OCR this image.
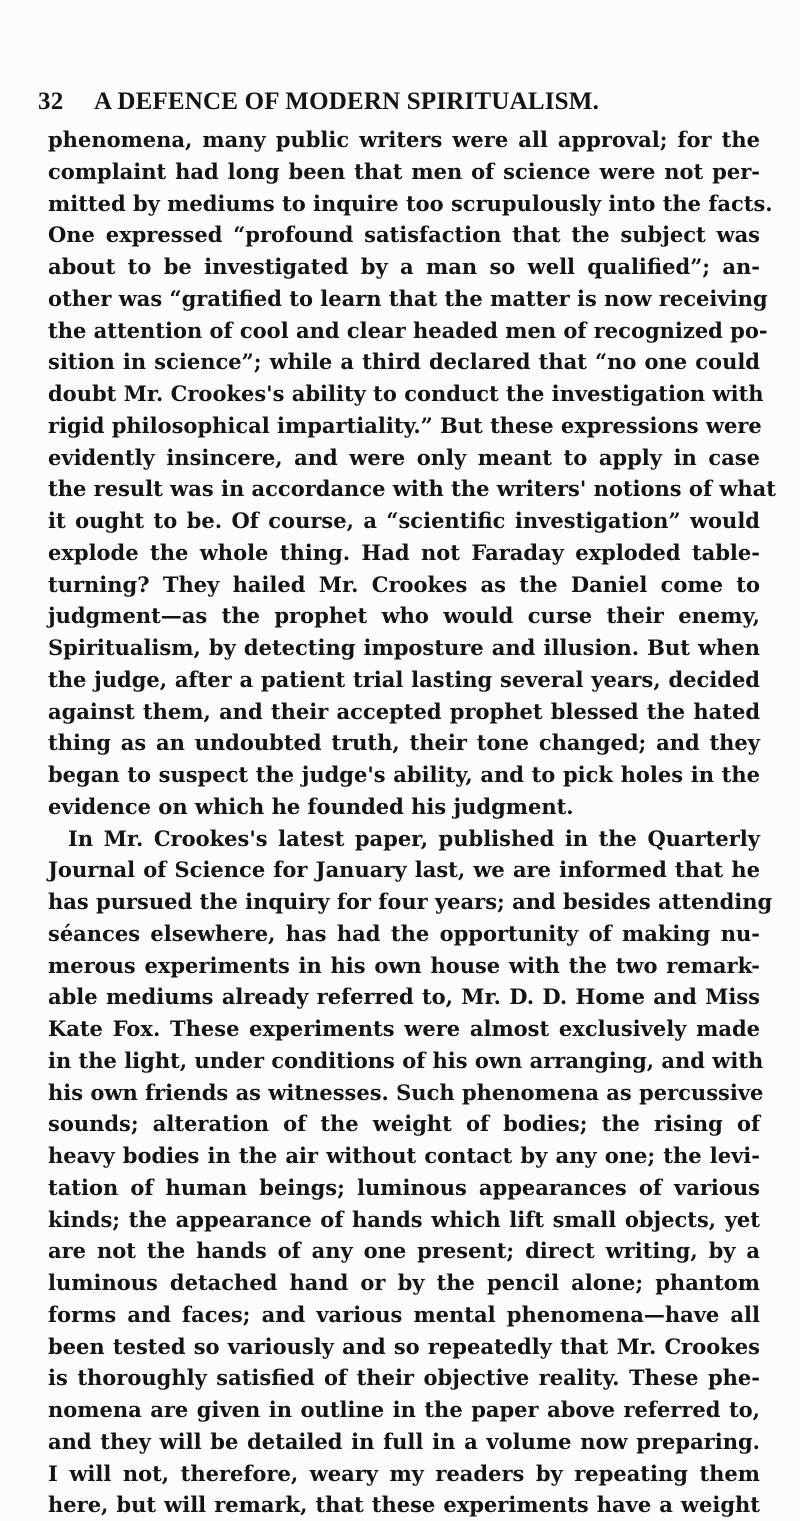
32 A DEFENCE OF MODERN SPIRITUALISM.
phenomena, many public writers were all approval; for the
complaint had long been that men of science were not per-
mitted by mediums to inquire too scrupulously into the facts.
One expressed “profound satisfaction that the subject was
about to be investigated by a man so well qualified”; an-
other was “gratified to learn that the matter is now receiving
the attention of cool and clear headed men of recognized po-
sition in science”; while a third declared that “no one could
doubt Mr. Crookes's ability to conduct the investigation with
rigid philosophical impartiality.” But these expressions were
evidently insincere, and were only meant to apply in case
the result was in accordance with the writers' notions of what
it ought to be. Of course, a “scientific investigation” would
explode the whole thing. Had not Faraday exploded table-
turning? They hailed Mr. Crookes as the Daniel come to
judgment—as the prophet who would curse their enemy,
Spiritualism, by detecting imposture and illusion. But when
the judge, after a patient trial lasting several years, decided
against them, and their accepted prophet blessed the hated
thing as an undoubted truth, their tone changed; and they
began to suspect the judge's ability, and to pick holes in the
evidence on which he founded his judgment.
In Mr. Crookes's latest paper, published in the Quarterly
Journal of Science for January last, we are informed that he
has pursued the inquiry for four years; and besides attending
séances elsewhere, has had the opportunity of making nu-
merous experiments in his own house with the two remark-
able mediums already referred to, Mr. D. D. Home and Miss
Kate Fox. These experiments were almost exclusively made
in the light, under conditions of his own arranging, and with
his own friends as witnesses. Such phenomena as percussive
sounds; alteration of the weight of bodies; the rising of
heavy bodies in the air without contact by any one; the levi-
tation of human beings; luminous appearances of various
kinds; the appearance of hands which lift small objects, yet
are not the hands of any one present; direct writing, by a
luminous detached hand or by the pencil alone; phantom
forms and faces; and various mental phenomena—have all
been tested so variously and so repeatedly that Mr. Crookes
is thoroughly satisfied of their objective reality. These phe-
nomena are given in outline in the paper above referred to,
and they will be detailed in full in a volume now preparing.
I will not, therefore, weary my readers by repeating them
here, but will remark, that these experiments have a weight
